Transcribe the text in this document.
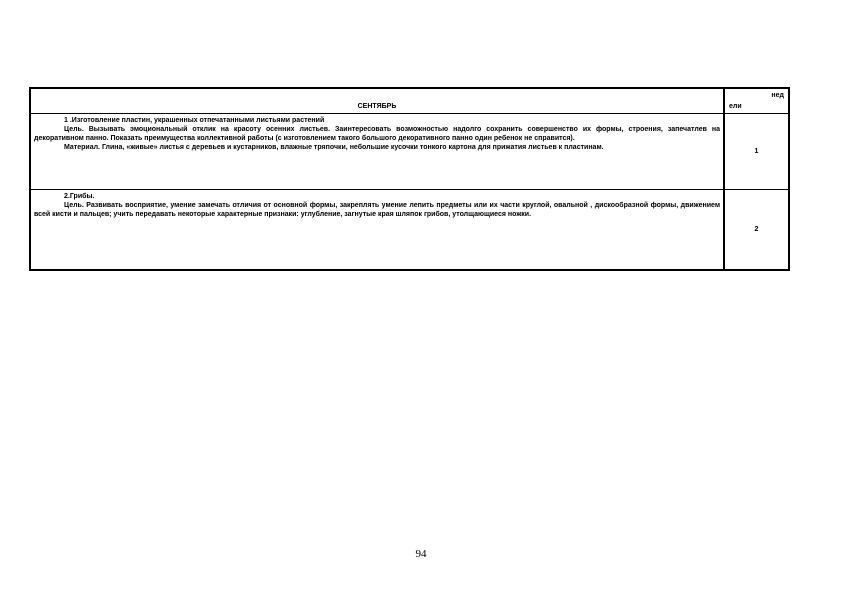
СЕНТЯБРЬ	нед
ели

1 .Изготовление пластин, украшенных отпечатанными листьями растений

Цель. Вызывать эмоциональный отклик на красоту осенних листьев. Заинтересовать возможностью надолго сохранить совершенство их формы, строения, запечатлев на декоративном панно. Показать преимущества коллективной работы (с изготовлением такого большого декоративного панно один ребенок не справится).

Материал. Глина, «живые» листья с деревьев и кустарников, влажные тряпочки, небольшие кусочки тонкого картона для прижатия листьев к пластинам.	1

2.Грибы.

Цель. Развивать восприятие, умение замечать отличия от основной формы, закреплять умение лепить предметы или их части круглой, овальной , дискообразной формы, движением всей кисти и пальцев; учить передавать некоторые характерные признаки: углубление, загнутые края шляпок грибов, утолщающиеся ножки.	2
94
